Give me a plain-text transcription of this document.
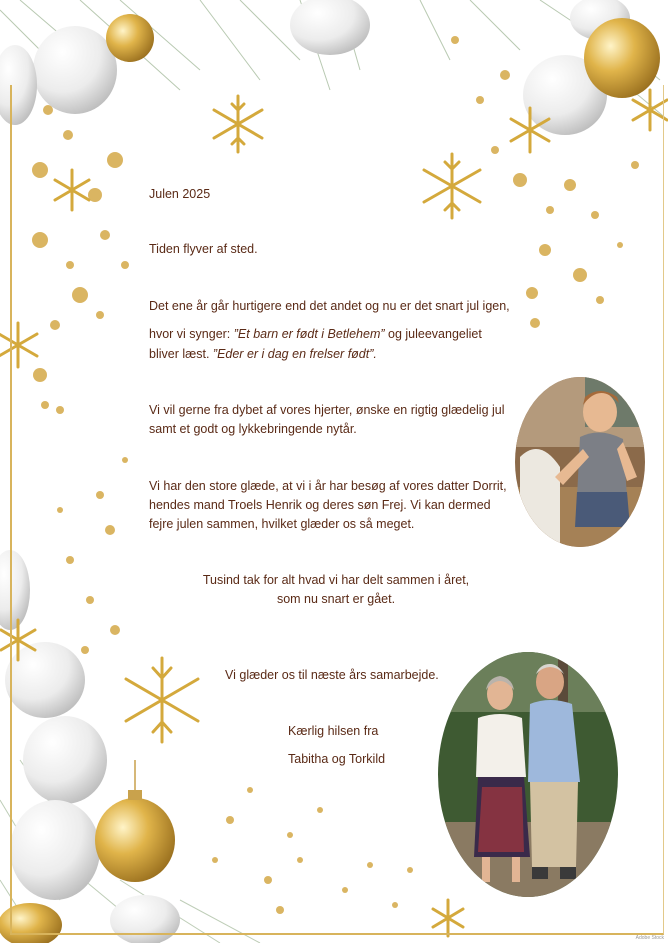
Julen 2025
Tiden flyver af sted.
Det ene år går hurtigere end det andet og nu er det snart jul igen,
hvor vi synger: ”Et barn er født i Betlehem” og juleevangeliet
bliver læst. ”Eder er i dag en frelser født”.
Vi vil gerne fra dybet af vores hjerter, ønske en rigtig glædelig jul
samt et godt og lykkebringende nytår.
Vi har den store glæde, at vi i år har besøg af vores datter Dorrit,
hendes mand Troels Henrik og deres søn Frej. Vi kan dermed
fejre julen sammen, hvilket glæder os så meget.
Tusind tak for alt hvad vi har delt sammen i året,
som nu snart er gået.
Vi glæder os til næste års samarbejde.
Kærlig hilsen fra
Tabitha og Torkild
Adobe Stock
